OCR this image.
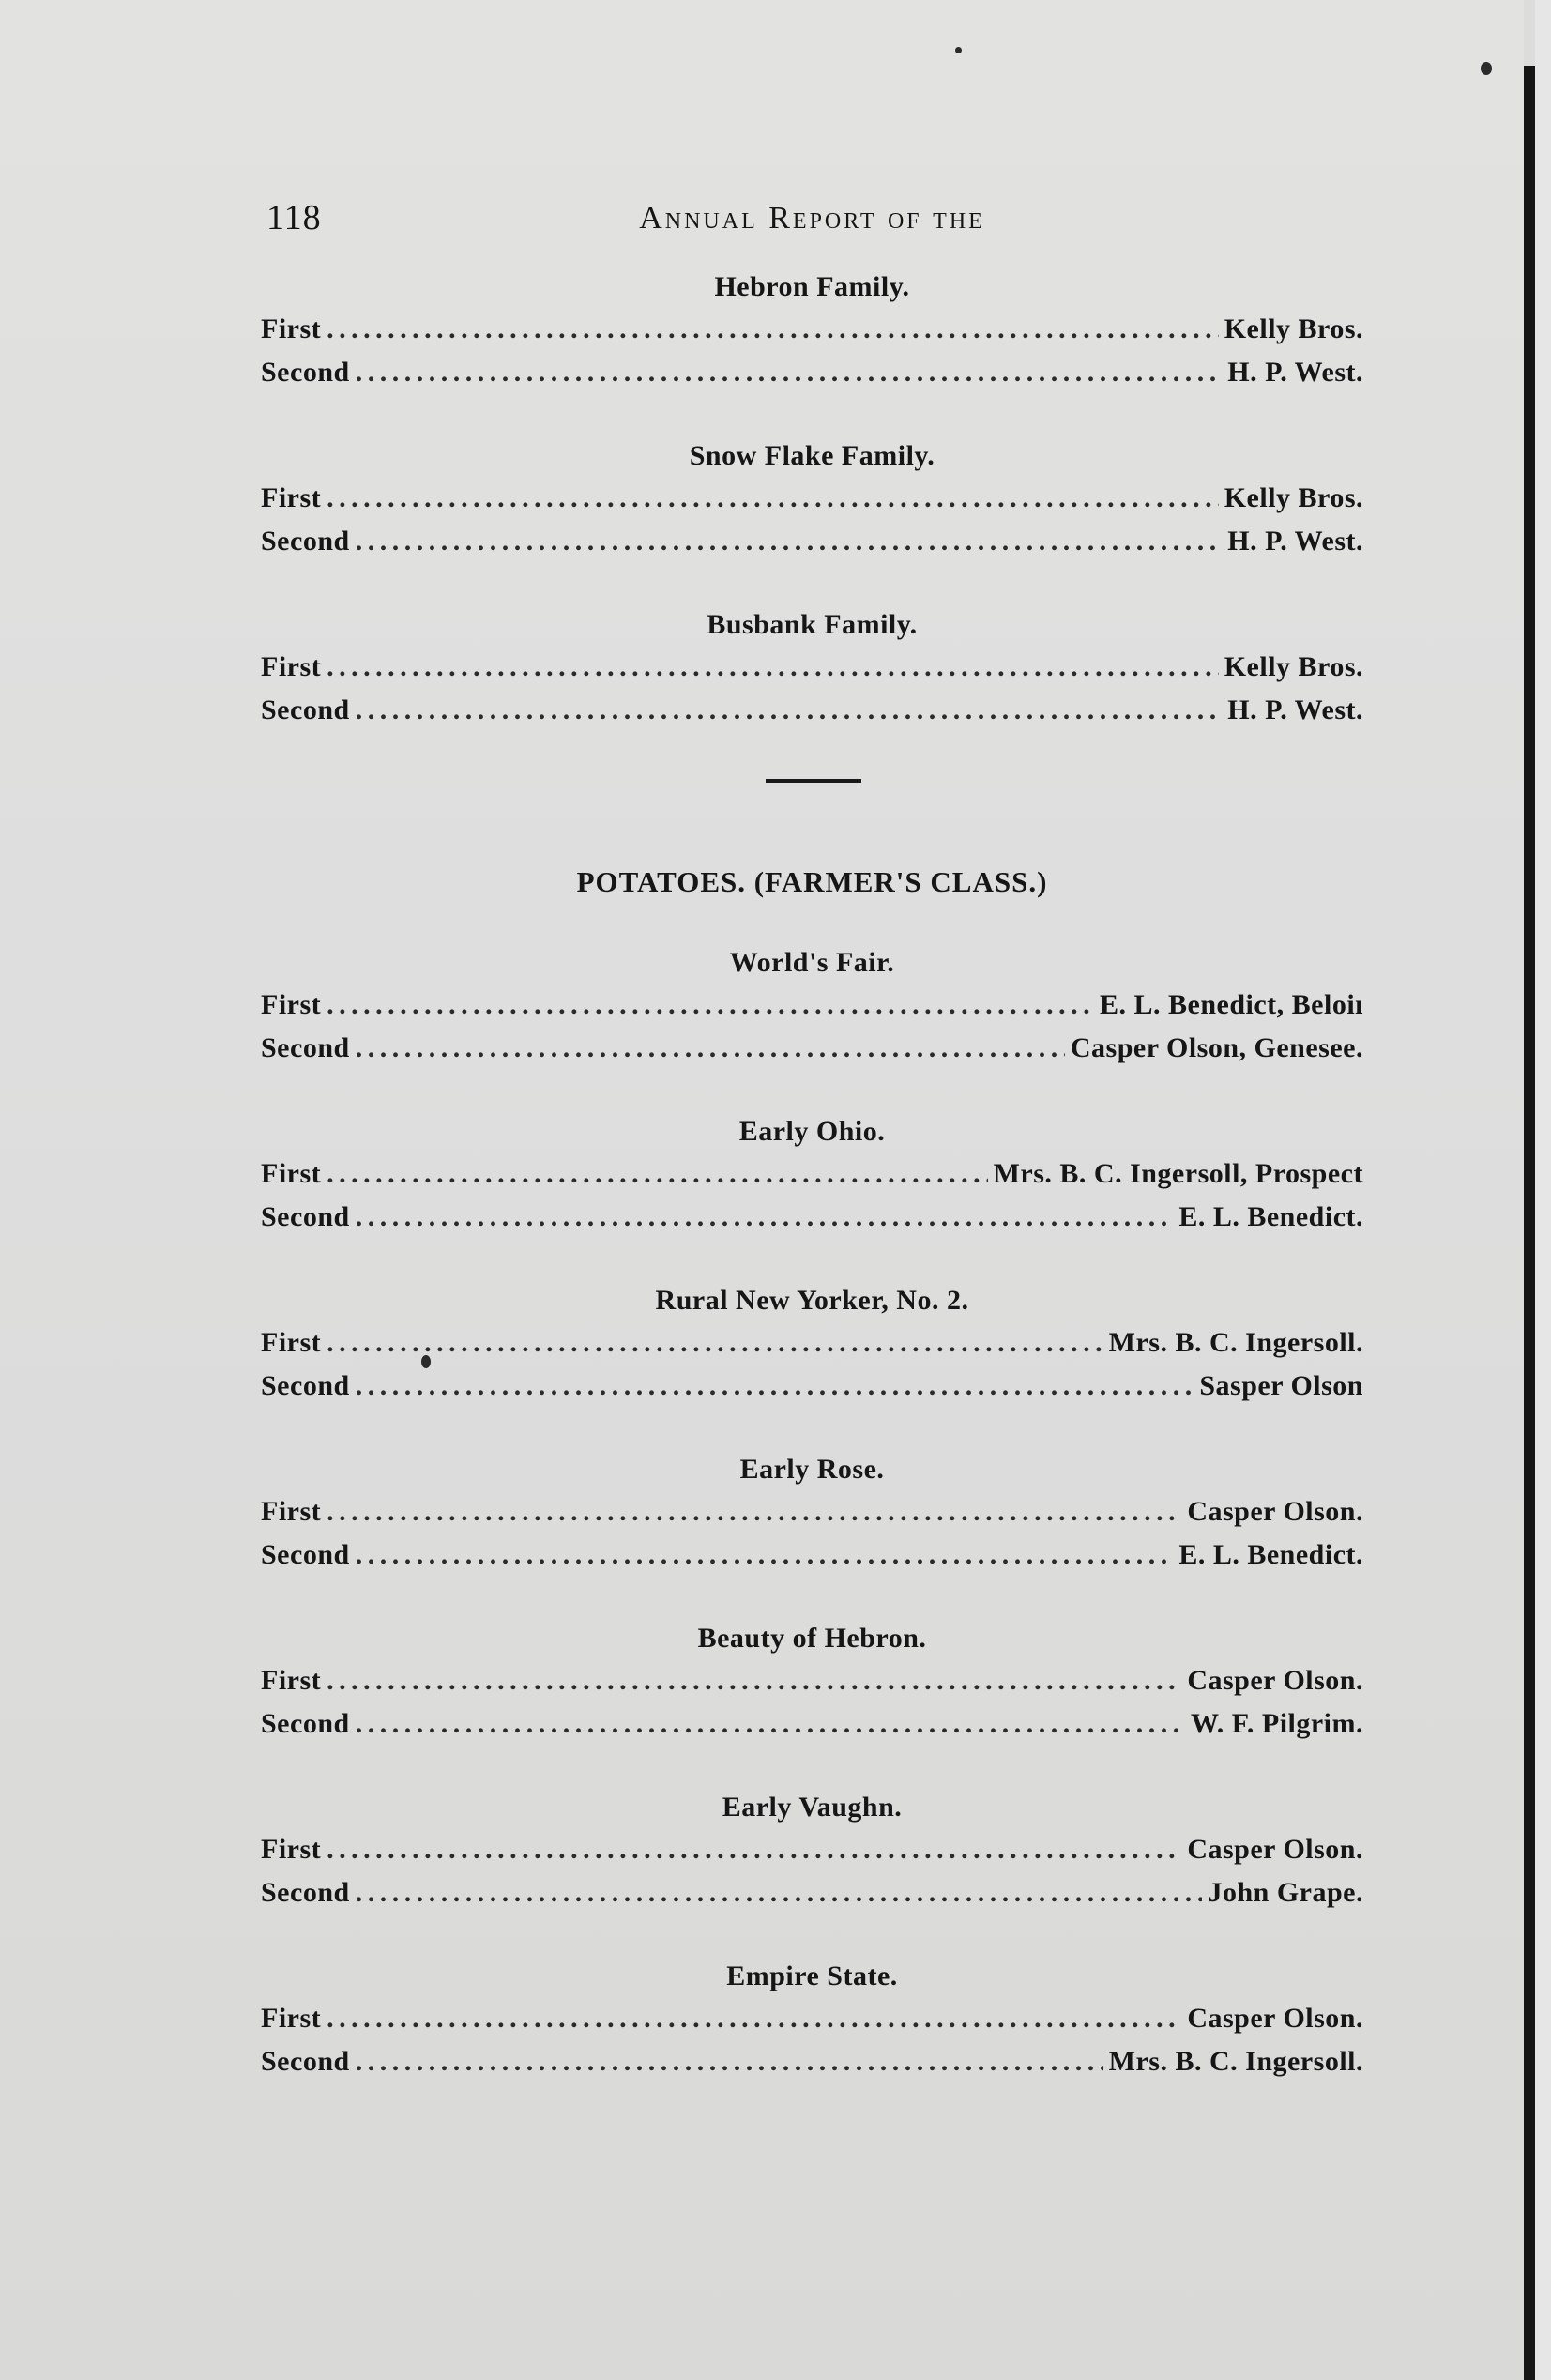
118	Annual Report of the
Hebron Family.
First . . .	Kelly Bros.
Second . . .	H. P. West.
Snow Flake Family.
First . . .	Kelly Bros.
Second . . .	H. P. West.
Busbank Family.
First . . .	Kelly Bros.
Second . . .	H. P. West.
POTATOES. (FARMER'S CLASS.)
World's Fair.
First . . .	E. L. Benedict, Beloiı
Second . . .	Casper Olson, Genesee.
Early Ohio.
First . . .	Mrs. B. C. Ingersoll, Prospect
Second . . .	E. L. Benedict.
Rural New Yorker, No. 2.
First . . .	Mrs. B. C. Ingersoll.
Second . . .	Sasper Olson
Early Rose.
First . . .	Casper Olson.
Second . . .	E. L. Benedict.
Beauty of Hebron.
First . . .	Casper Olson.
Second . . .	W. F. Pilgrim.
Early Vaughn.
First . . .	Casper Olson.
Second . . .	John Grape.
Empire State.
First . . .	Casper Olson.
Second . . .	Mrs. B. C. Ingersoll.
